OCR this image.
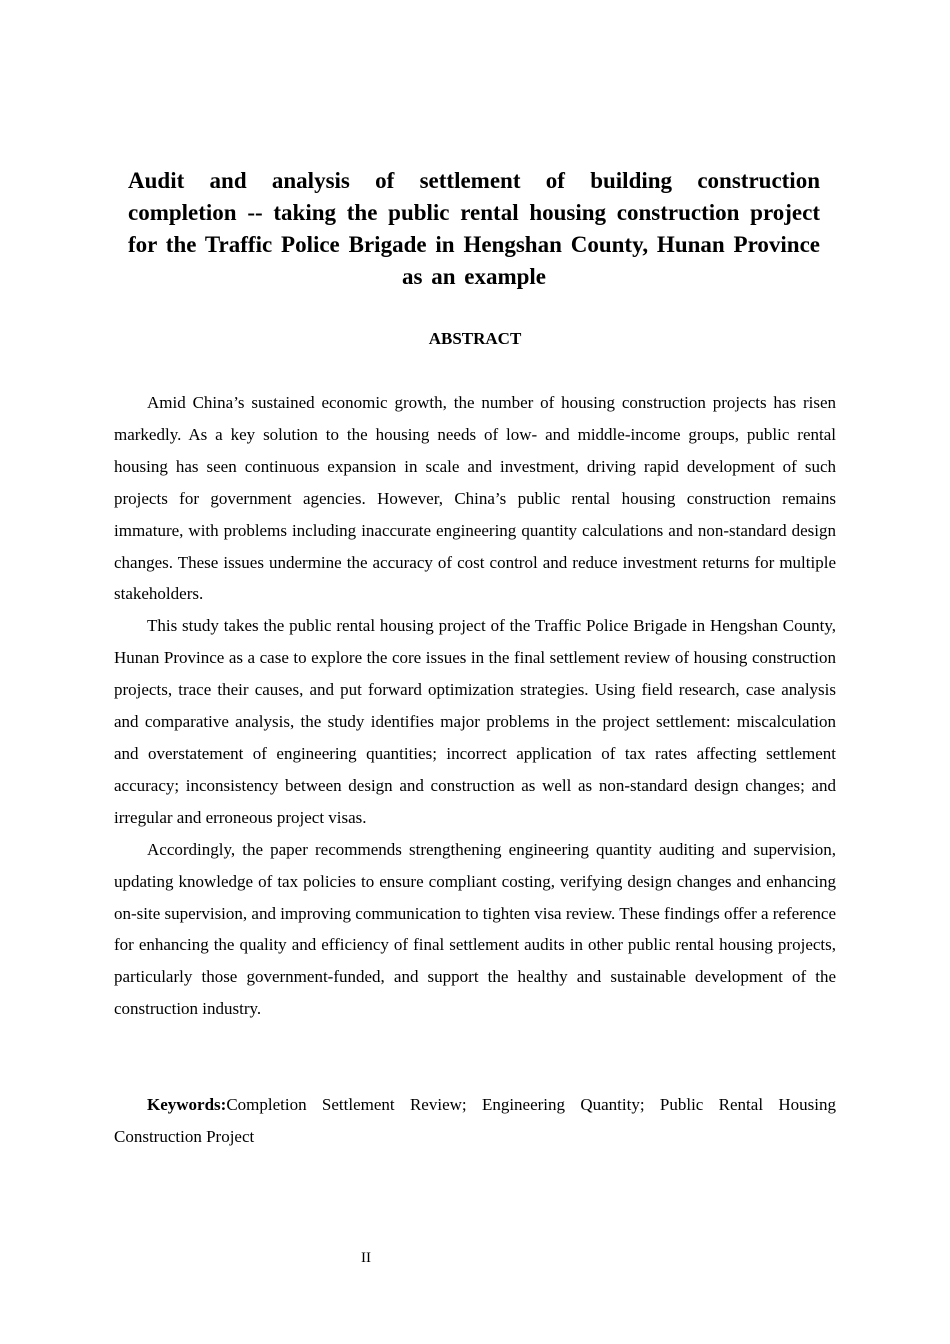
Audit and analysis of settlement of building construction completion -- taking the public rental housing construction project for the Traffic Police Brigade in Hengshan County, Hunan Province as an example
ABSTRACT

Amid China’s sustained economic growth, the number of housing construction projects has risen markedly. As a key solution to the housing needs of low- and middle-income groups, public rental housing has seen continuous expansion in scale and investment, driving rapid development of such projects for government agencies. However, China’s public rental housing construction remains immature, with problems including inaccurate engineering quantity calculations and non-standard design changes. These issues undermine the accuracy of cost control and reduce investment returns for multiple stakeholders.

This study takes the public rental housing project of the Traffic Police Brigade in Hengshan County, Hunan Province as a case to explore the core issues in the final settlement review of housing construction projects, trace their causes, and put forward optimization strategies. Using field research, case analysis and comparative analysis, the study identifies major problems in the project settlement: miscalculation and overstatement of engineering quantities; incorrect application of tax rates affecting settlement accuracy; inconsistency between design and construction as well as non-standard design changes; and irregular and erroneous project visas.

Accordingly, the paper recommends strengthening engineering quantity auditing and supervision, updating knowledge of tax policies to ensure compliant costing, verifying design changes and enhancing on-site supervision, and improving communication to tighten visa review. These findings offer a reference for enhancing the quality and efficiency of final settlement audits in other public rental housing projects, particularly those government-funded, and support the healthy and sustainable development of the construction industry.

Keywords:Completion Settlement Review; Engineering Quantity; Public Rental Housing Construction Project

II
